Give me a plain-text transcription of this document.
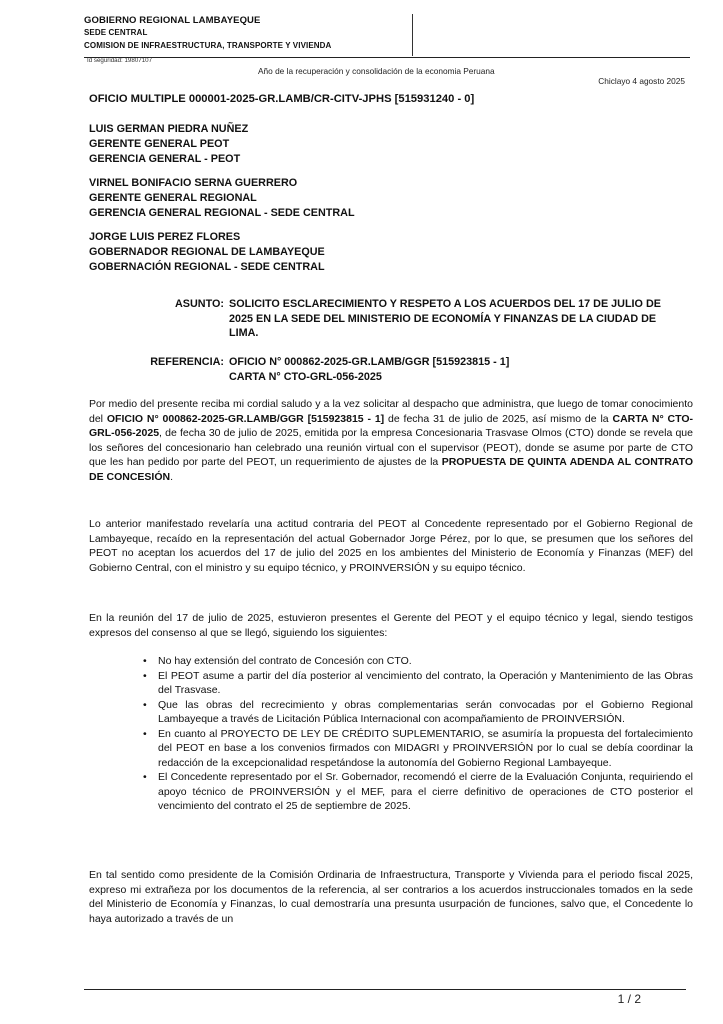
GOBIERNO REGIONAL LAMBAYEQUE
SEDE CENTRAL
COMISION DE INFRAESTRUCTURA, TRANSPORTE Y VIVIENDA
Id seguridad: 19807107
Año de la recuperación y consolidación de la economia Peruana
Chiclayo 4 agosto 2025
OFICIO MULTIPLE 000001-2025-GR.LAMB/CR-CITV-JPHS [515931240 - 0]
LUIS GERMAN PIEDRA NUÑEZ
GERENTE GENERAL PEOT
GERENCIA GENERAL - PEOT
VIRNEL BONIFACIO SERNA GUERRERO
GERENTE GENERAL REGIONAL
GERENCIA GENERAL REGIONAL - SEDE CENTRAL
JORGE LUIS PEREZ FLORES
GOBERNADOR REGIONAL DE LAMBAYEQUE
GOBERNACIÓN REGIONAL - SEDE CENTRAL
ASUNTO: SOLICITO ESCLARECIMIENTO Y RESPETO A LOS ACUERDOS DEL 17 DE JULIO DE 2025 EN LA SEDE DEL MINISTERIO DE ECONOMÍA Y FINANZAS DE LA CIUDAD DE LIMA.
REFERENCIA: OFICIO N° 000862-2025-GR.LAMB/GGR [515923815 - 1]
CARTA N° CTO-GRL-056-2025
Por medio del presente reciba mi cordial saludo y a la vez solicitar al despacho que administra, que luego de tomar conocimiento del OFICIO N° 000862-2025-GR.LAMB/GGR [515923815 - 1] de fecha 31 de julio de 2025, así mismo de la CARTA N° CTO-GRL-056-2025, de fecha 30 de julio de 2025, emitida por la empresa Concesionaria Trasvase Olmos (CTO) donde se revela que los señores del concesionario han celebrado una reunión virtual con el supervisor (PEOT), donde se asume por parte de CTO que les han pedido por parte del PEOT, un requerimiento de ajustes de la PROPUESTA DE QUINTA ADENDA AL CONTRATO DE CONCESIÓN.
Lo anterior manifestado revelaría una actitud contraria del PEOT al Concedente representado por el Gobierno Regional de Lambayeque, recaído en la representación del actual Gobernador Jorge Pérez, por lo que, se presumen que los señores del PEOT no aceptan los acuerdos del 17 de julio del 2025 en los ambientes del Ministerio de Economía y Finanzas (MEF) del Gobierno Central, con el ministro y su equipo técnico, y PROINVERSIÓN y su equipo técnico.
En la reunión del 17 de julio de 2025, estuvieron presentes el Gerente del PEOT y el equipo técnico y legal, siendo testigos expresos del consenso al que se llegó, siguiendo los siguientes:
• No hay extensión del contrato de Concesión con CTO.
• El PEOT asume a partir del día posterior al vencimiento del contrato, la Operación y Mantenimiento de las Obras del Trasvase.
• Que las obras del recrecimiento y obras complementarias serán convocadas por el Gobierno Regional Lambayeque a través de Licitación Pública Internacional con acompañamiento de PROINVERSIÓN.
• En cuanto al PROYECTO DE LEY DE CRÉDITO SUPLEMENTARIO, se asumiría la propuesta del fortalecimiento del PEOT en base a los convenios firmados con MIDAGRI y PROINVERSIÓN por lo cual se debía coordinar la redacción de la excepcionalidad respetándose la autonomía del Gobierno Regional Lambayeque.
• El Concedente representado por el Sr. Gobernador, recomendó el cierre de la Evaluación Conjunta, requiriendo el apoyo técnico de PROINVERSIÓN y el MEF, para el cierre definitivo de operaciones de CTO posterior el vencimiento del contrato el 25 de septiembre de 2025.
En tal sentido como presidente de la Comisión Ordinaria de Infraestructura, Transporte y Vivienda para el periodo fiscal 2025, expreso mi extrañeza por los documentos de la referencia, al ser contrarios a los acuerdos instruccionales tomados en la sede del Ministerio de Economía y Finanzas, lo cual demostraría una presunta usurpación de funciones, salvo que, el Concedente lo haya autorizado a través de un
1 / 2
